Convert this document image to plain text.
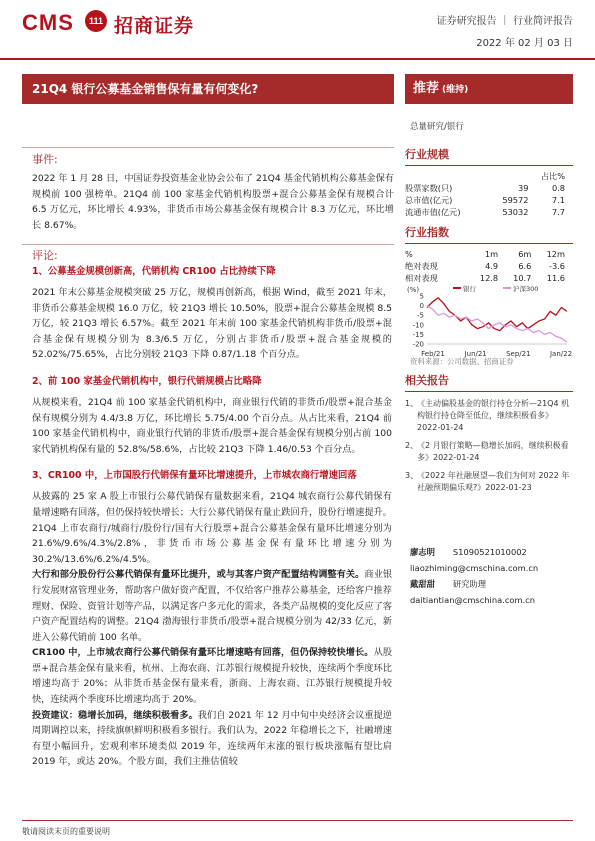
CMS	111 招商证券	证券研究报告 ｜ 行业简评报告
2022 年 02 月 03 日
21Q4 银行公募基金销售保有量有何变化?	推荐 (维持)
总量研究/银行
事件:
2022 年 1 月 28 日，中国证券投资基金业协会公布了 21Q4 基金代销机构公募基金保有规模前 100 强榜单。21Q4 前 100 家基金代销机构股票+混合公募基金保有规模合计 6.5 万亿元，环比增长 4.93%，非货币市场公募基金保有规模合计 8.3 万亿元，环比增长 8.67%。
评论:
1、公募基金规模创新高，代销机构 CR100 占比持续下降
2021 年末公募基金规模突破 25 万亿，规模再创新高，根据 Wind，截至 2021 年末，非货币公募基金规模 16.0 万亿，较 21Q3 增长 10.50%，股票+混合公募基金规模 8.5 万亿，较 21Q3 增长 6.57%。截至 2021 年末前 100 家基金代销机构非货币/股票+混合基金保有规模分别为 8.3/6.5 万亿，分别占非货币/股票+混合基金规模的 52.02%/75.65%，占比分别较 21Q3 下降 0.87/1.18 个百分点。
2、前 100 家基金代销机构中，银行代销规模占比略降
从规模来看，21Q4 前 100 家基金代销机构中，商业银行代销的非货币/股票+混合基金保有规模分别为 4.4/3.8 万亿，环比增长 5.75/4.00 个百分点。从占比来看，21Q4 前 100 家基金代销机构中，商业银行代销的非货币/股票+混合基金保有规模分别占前 100 家代销机构保有量的 52.8%/58.6%，占比较 21Q3 下降 1.46/0.53 个百分点。
3、CR100 中，上市国股行代销保有量环比增速提升，上市城农商行增速回落
从披露的 25 家 A 股上市银行公募代销保有量数据来看，21Q4 城农商行公募代销保有量增速略有回落，但仍保持较快增长；大行公募代销保有量止跌回升，股份行增速提升。21Q4 上市农商行/城商行/股份行/国有大行股票+混合公募基金保有量环比增速分别为 21.6%/9.6%/4.3%/2.8%，非货币市场公募基金保有量环比增速分别为 30.2%/13.6%/6.2%/4.5%。
大行和部分股份行公募代销保有量环比提升，或与其客户资产配置结构调整有关。商业银行发展财富管理业务，帮助客户做好资产配置，不仅给客户推荐公募基金，还给客户推荐理财、保险、资管计划等产品，以满足客户多元化的需求，各类产品规模的变化反应了客户资产配置结构的调整。21Q4 渤海银行非货币/股票+混合规模分别为 42/33 亿元，新进入公募代销前 100 名单。
CR100 中，上市城农商行公募代销保有量环比增速略有回落，但仍保持较快增长。从股票+混合基金保有量来看，杭州、上海农商、江苏银行规模提升较快，连续两个季度环比增速均高于 20%；从非货币基金保有量来看，浙商、上海农商、江苏银行规模提升较快，连续两个季度环比增速均高于 20%。
投资建议：稳增长加码，继续积极看多。我们自 2021 年 12 月中旬中央经济会议重提逆周期调控以来，持续旗帜鲜明积极看多银行。我们认为，2022 年稳增长之下，社融增速有望小幅回升，宏观利率环境类似 2019 年，连续两年末涨的银行板块涨幅有望比肩 2019 年，或达 20%。个股方面，我们主推估值较
行业规模
		占比%
股票家数(只)	39	0.8
总市值(亿元)	59572	7.1
流通市值(亿元)	53032	7.7
行业指数
%	1m	6m	12m
绝对表现	4.9	6.6	-3.6
相对表现	12.8	10.7	11.6
(%)	银行	沪深300
5
0
-5
-10
-15
-20
Feb/21	Jun/21	Sep/21	Jan/22
资料来源：公司数据、招商证券
相关报告
1、
《主动偏股基金的银行持仓分析—21Q4 机构银行持仓降至低位，继续积极看多》2022-01-24
2、
《2 月银行策略—稳增长加码，继续积极看多》2022-01-24
3、
《2022 年社融展望—我们为何对 2022 年社融预期偏乐观?》2022-01-23
廖志明 S1090521010002
liaozhiming@cmschina.com.cn
戴甜甜 研究助理
daitiantian@cmschina.com.cn
敬请阅读末页的重要说明
